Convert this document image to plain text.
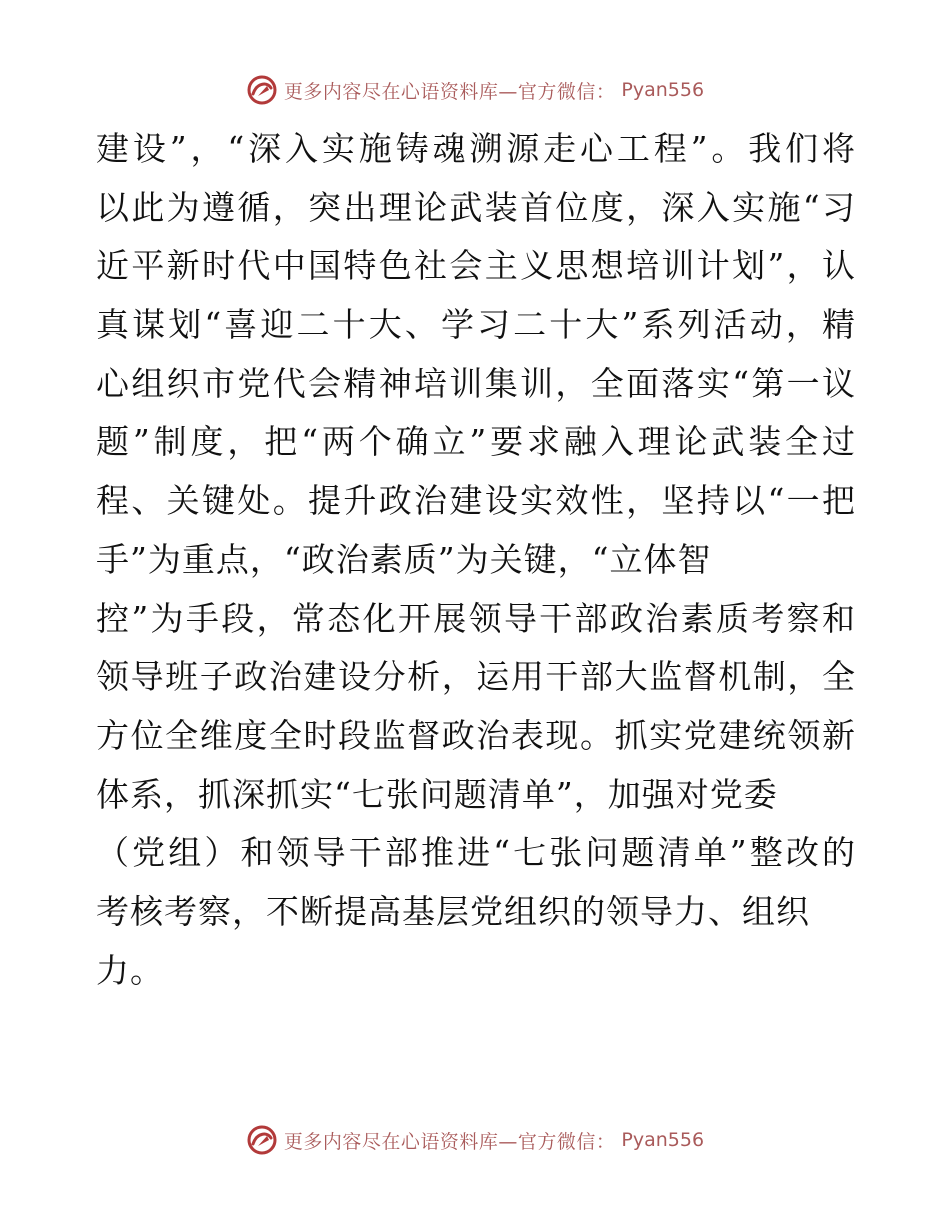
更多内容尽在心语资料库—官方微信： Pyan556
建设”，“深入实施铸魂溯源走心工程”。我们将
以此为遵循，突出理论武装首位度，深入实施“习
近平新时代中国特色社会主义思想培训计划”，认
真谋划“喜迎二十大、学习二十大”系列活动，精
心组织市党代会精神培训集训，全面落实“第一议
题”制度，把“两个确立”要求融入理论武装全过
程、关键处。提升政治建设实效性，坚持以“一把
手”为重点，“政治素质”为关键，“立体智
控”为手段，常态化开展领导干部政治素质考察和
领导班子政治建设分析，运用干部大监督机制，全
方位全维度全时段监督政治表现。抓实党建统领新
体系，抓深抓实“七张问题清单”，加强对党委
（党组）和领导干部推进“七张问题清单”整改的
考核考察，不断提高基层党组织的领导力、组织
力。
更多内容尽在心语资料库—官方微信： Pyan556
